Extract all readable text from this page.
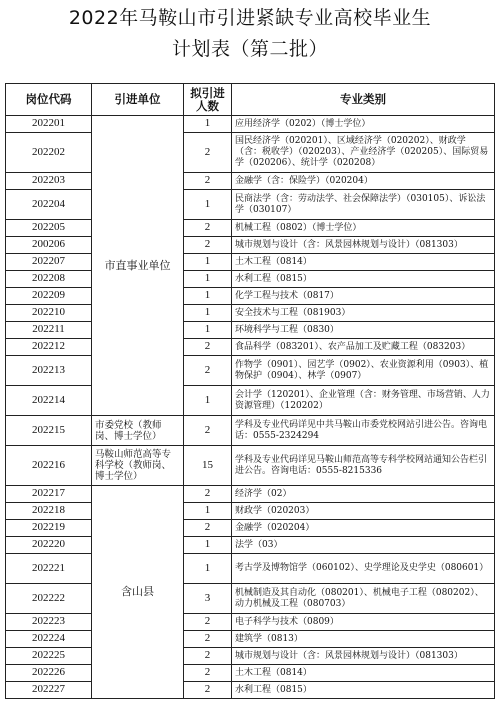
2022年马鞍山市引进紧缺专业高校毕业生
计划表（第二批）
岗位代码	引进单位	拟引进人数	专业类别
202201	市直事业单位	1	应用经济学（0202）（博士学位）
202202		2	国民经济学（020201）、区域经济学（020202）、财政学（含：税收学）（020203）、产业经济学（020205）、国际贸易学（020206）、统计学（020208）
202203		2	金融学（含：保险学）（020204）
202204		1	民商法学（含：劳动法学、社会保障法学）（030105）、诉讼法学（030107）
202205		2	机械工程（0802）（博士学位）
200206		2	城市规划与设计（含：风景园林规划与设计）（081303）
202207		1	土木工程（0814）
202208		1	水利工程（0815）
202209		1	化学工程与技术（0817）
202210		1	安全技术与工程（081903）
202211		1	环境科学与工程（0830）
202212		2	食品科学（083201）、农产品加工及贮藏工程（083203）
202213		2	作物学（0901）、园艺学（0902）、农业资源利用（0903）、植物保护（0904）、林学（0907）
202214		1	会计学（120201）、企业管理（含：财务管理、市场营销、人力资源管理）（120202）
202215	市委党校（教师岗、博士学位）	2	学科及专业代码详见中共马鞍山市委党校网站引进公告。咨询电话：0555-2324294
202216	马鞍山师范高等专科学校（教师岗、博士学位）	15	学科及专业代码详见马鞍山师范高等专科学校网站通知公告栏引进公告。咨询电话：0555-8215336
202217	含山县	2	经济学（02）
202218		1	财政学（020203）
202219		2	金融学（020204）
202220		1	法学（03）
202221		1	考古学及博物馆学（060102）、史学理论及史学史（080601）
202222		3	机械制造及其自动化（080201）、机械电子工程（080202）、动力机械及工程（080703）
202223		2	电子科学与技术（0809）
202224		2	建筑学（0813）
202225		2	城市规划与设计（含：风景园林规划与设计）（081303）
202226		2	土木工程（0814）
202227		2	水利工程（0815）
